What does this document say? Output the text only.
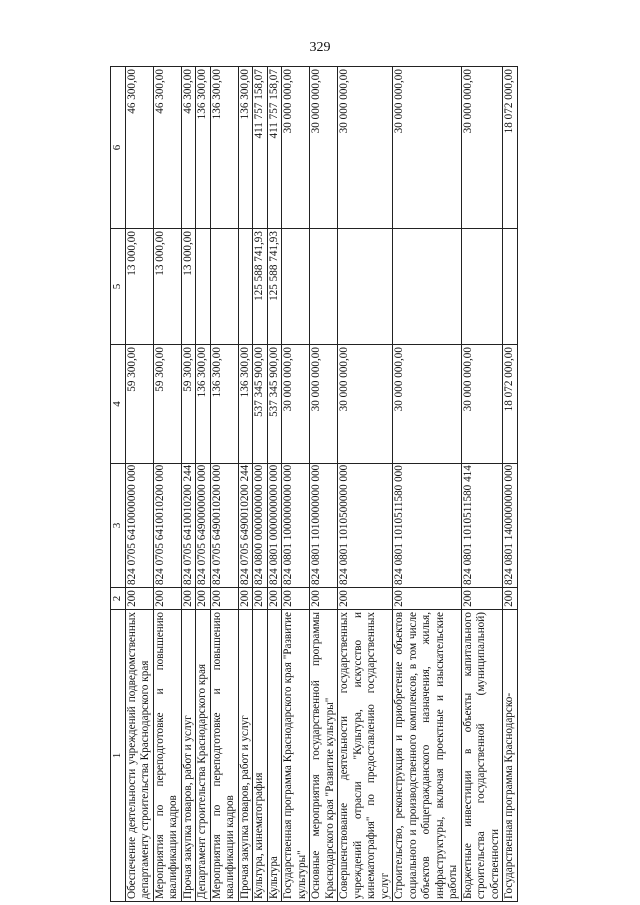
329
1	2	3	4	5	6
Обеспечение деятельности учреждений подведомственных департаменту строительства Краснодарского края	200	824 0705 6410000000 000	59 300,00	13 000,00	46 300,00
Мероприятия по переподготовке и повышению квалификации кадров	200	824 0705 6410010200 000	59 300,00	13 000,00	46 300,00
Прочая закупка товаров, работ и услуг	200	824 0705 6410010200 244	59 300,00	13 000,00	46 300,00
Департамент строительства Краснодарского края	200	824 0705 6490000000 000	136 300,00		136 300,00
Мероприятия по переподготовке и повышению квалификации кадров	200	824 0705 6490010200 000	136 300,00		136 300,00
Прочая закупка товаров, работ и услуг	200	824 0705 6490010200 244	136 300,00		136 300,00
Культура, кинематография	200	824 0800 0000000000 000	537 345 900,00	125 588 741,93	411 757 158,07
Культура	200	824 0801 0000000000 000	537 345 900,00	125 588 741,93	411 757 158,07
Государственная программа Краснодарского края "Развитие культуры"	200	824 0801 1000000000 000	30 000 000,00		30 000 000,00
Основные мероприятия государственной программы Краснодарского края "Развитие культуры"	200	824 0801 1010000000 000	30 000 000,00		30 000 000,00
Совершенствование деятельности государственных учреждений отрасли "Культура, искусство и кинематография" по предоставлению государственных услуг	200	824 0801 1010500000 000	30 000 000,00		30 000 000,00
Строительство, реконструкция и приобретение объектов социального и производственного комплексов, в том числе объектов общегражданского назначения, жилья, инфраструктуры, включая проектные и изыскательские работы	200	824 0801 1010511580 000	30 000 000,00		30 000 000,00
Бюджетные инвестиции в объекты капитального строительства государственной (муниципальной) собственности	200	824 0801 1010511580 414	30 000 000,00		30 000 000,00
Государственная программа Краснодарско-	200	824 0801 1400000000 000	18 072 000,00		18 072 000,00
